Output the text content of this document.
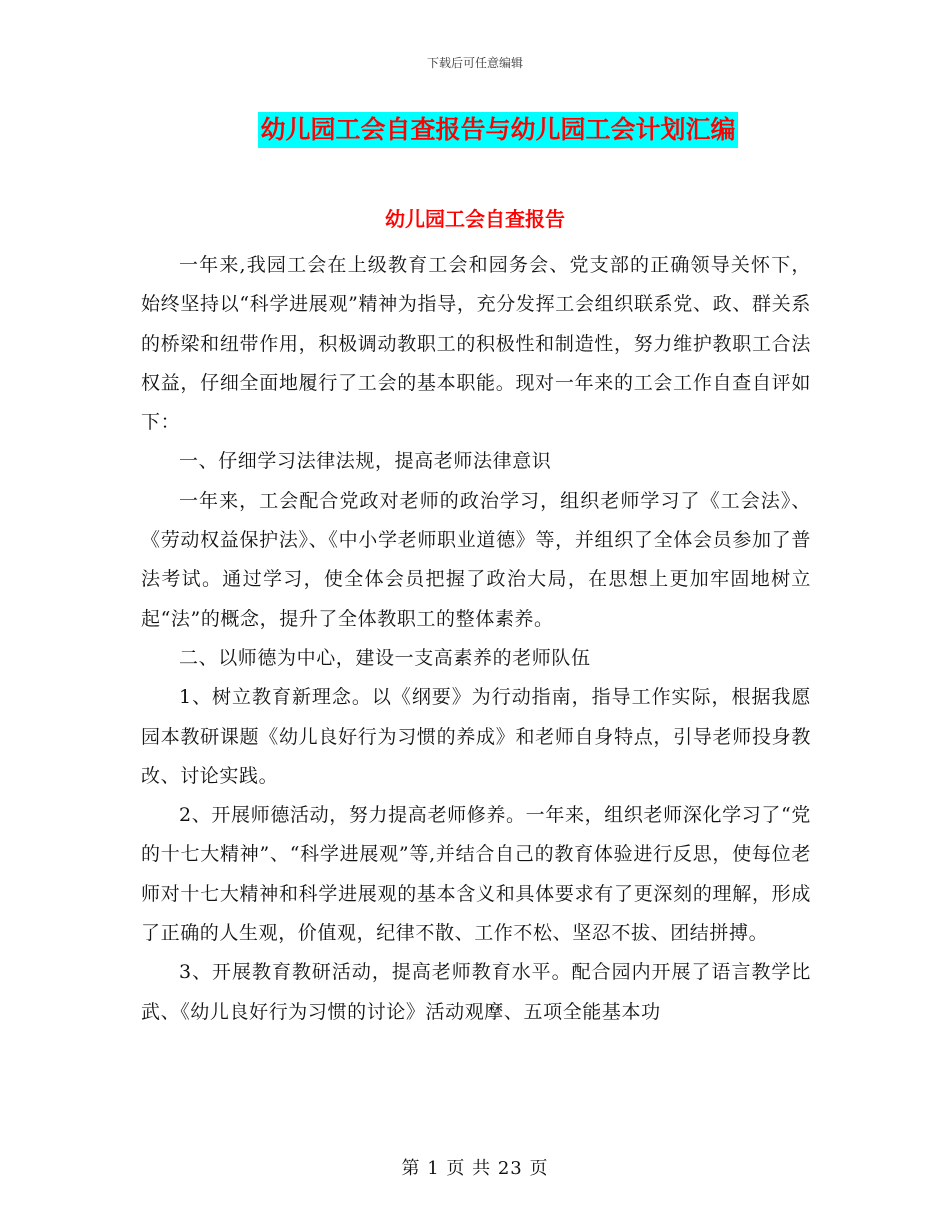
下载后可任意编辑
幼儿园工会自查报告与幼儿园工会计划汇编
幼儿园工会自查报告

一年来,我园工会在上级教育工会和园务会、党支部的正确领导关怀下，始终坚持以“科学进展观”精神为指导，充分发挥工会组织联系党、政、群关系的桥梁和纽带作用，积极调动教职工的积极性和制造性，努力维护教职工合法权益，仔细全面地履行了工会的基本职能。现对一年来的工会工作自查自评如下：

一、仔细学习法律法规，提高老师法律意识

一年来，工会配合党政对老师的政治学习，组织老师学习了《工会法》、《劳动权益保护法》、《中小学老师职业道德》等，并组织了全体会员参加了普法考试。通过学习，使全体会员把握了政治大局，在思想上更加牢固地树立起“法”的概念，提升了全体教职工的整体素养。

二、以师德为中心，建设一支高素养的老师队伍

1、树立教育新理念。以《纲要》为行动指南，指导工作实际，根据我愿园本教研课题《幼儿良好行为习惯的养成》和老师自身特点，引导老师投身教改、讨论实践。

2、开展师德活动，努力提高老师修养。一年来，组织老师深化学习了“党的十七大精神”、“科学进展观”等,并结合自己的教育体验进行反思，使每位老师对十七大精神和科学进展观的基本含义和具体要求有了更深刻的理解，形成了正确的人生观，价值观，纪律不散、工作不松、坚忍不拔、团结拼搏。

3、开展教育教研活动，提高老师教育水平。配合园内开展了语言教学比武、《幼儿良好行为习惯的讨论》活动观摩、五项全能基本功

第 1 页 共 23 页
